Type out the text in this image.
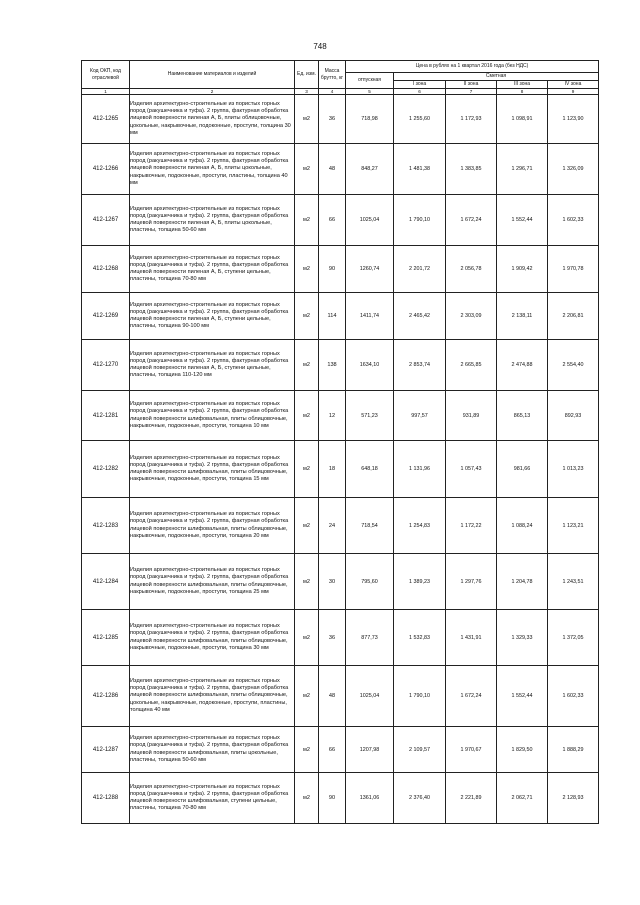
748
Код ОКП, код отраслевой	Наименование материалов и изделий	Ед. изм.	Масса брутто, кг	Цена в рублях на 1 квартал 2016 года (без НДС)				
				отпускная	Сметная			
					I зона	II зона	III зона	IV зона
1	2	3	4	5	6	7	8	9
412-1265	Изделия архитектурно-строительные из пористых горных пород (ракушечника и туфа). 2 группа, фактурная обработка лицевой поверхности пиленая А, Б, плиты облицовочные, цокольные, накрывочные, подоконные, проступи, толщина 30 мм	м2	36	718,98	1 255,60	1 172,93	1 098,91	1 123,90
412-1266	Изделия архитектурно-строительные из пористых горных пород (ракушечника и туфа). 2 группа, фактурная обработка лицевой поверхности пиленая А, Б, плиты цокольные, накрывочные, подоконные, проступи, пластины, толщина 40 мм	м2	48	848,27	1 481,38	1 383,85	1 296,71	1 326,09
412-1267	Изделия архитектурно-строительные из пористых горных пород (ракушечника и туфа). 2 группа, фактурная обработка лицевой поверхности пиленая А, Б, плиты цокольные, пластины, толщина 50-60 мм	м2	66	1025,04	1 790,10	1 672,24	1 552,44	1 602,33
412-1268	Изделия архитектурно-строительные из пористых горных пород (ракушечника и туфа). 2 группа, фактурная обработка лицевой поверхности пиленая А, Б, ступени цельные, пластины, толщина 70-80 мм	м2	90	1260,74	2 201,72	2 056,78	1 909,42	1 970,78
412-1269	Изделия архитектурно-строительные из пористых горных пород (ракушечника и туфа). 2 группа, фактурная обработка лицевой поверхности пиленая А, Б, ступени цельные, пластины, толщина 90-100 мм	м2	114	1411,74	2 465,42	2 303,09	2 138,11	2 206,81
412-1270	Изделия архитектурно-строительные из пористых горных пород (ракушечника и туфа). 2 группа, фактурная обработка лицевой поверхности пиленая А, Б, ступени цельные, пластины, толщина 110-120 мм	м2	138	1634,10	2 853,74	2 665,85	2 474,88	2 554,40
412-1281	Изделия архитектурно-строительные из пористых горных пород (ракушечника и туфа). 2 группа, фактурная обработка лицевой поверхности шлифовальная, плиты облицовочные, накрывочные, подоконные, проступи, толщина 10 мм	м2	12	571,23	997,57	931,89	865,13	892,93
412-1282	Изделия архитектурно-строительные из пористых горных пород (ракушечника и туфа). 2 группа, фактурная обработка лицевой поверхности шлифовальная, плиты облицовочные, накрывочные, подоконные, проступи, толщина 15 мм	м2	18	648,18	1 131,96	1 057,43	981,66	1 013,23
412-1283	Изделия архитектурно-строительные из пористых горных пород (ракушечника и туфа). 2 группа, фактурная обработка лицевой поверхности шлифовальная, плиты облицовочные, накрывочные, подоконные, проступи, толщина 20 мм	м2	24	718,54	1 254,83	1 172,22	1 088,24	1 123,21
412-1284	Изделия архитектурно-строительные из пористых горных пород (ракушечника и туфа). 2 группа, фактурная обработка лицевой поверхности шлифовальная, плиты облицовочные, накрывочные, подоконные, проступи, толщина 25 мм	м2	30	795,60	1 389,23	1 297,76	1 204,78	1 243,51
412-1285	Изделия архитектурно-строительные из пористых горных пород (ракушечника и туфа). 2 группа, фактурная обработка лицевой поверхности шлифовальная, плиты облицовочные, накрывочные, подоконные, проступи, толщина 30 мм	м2	36	877,73	1 532,83	1 431,91	1 329,33	1 372,05
412-1286	Изделия архитектурно-строительные из пористых горных пород (ракушечника и туфа). 2 группа, фактурная обработка лицевой поверхности шлифовальная, плиты облицовочные, цокольные, накрывочные, подоконные, проступи, пластины, толщина 40 мм	м2	48	1025,04	1 790,10	1 672,24	1 552,44	1 602,33
412-1287	Изделия архитектурно-строительные из пористых горных пород (ракушечника и туфа). 2 группа, фактурная обработка лицевой поверхности шлифовальная, плиты цокольные, пластины, толщина 50-60 мм	м2	66	1207,98	2 109,57	1 970,67	1 829,50	1 888,29
412-1288	Изделия архитектурно-строительные из пористых горных пород (ракушечника и туфа). 2 группа, фактурная обработка лицевой поверхности шлифовальная, ступени цельные, пластины, толщина 70-80 мм	м2	90	1361,06	2 376,40	2 221,89	2 062,71	2 128,93
